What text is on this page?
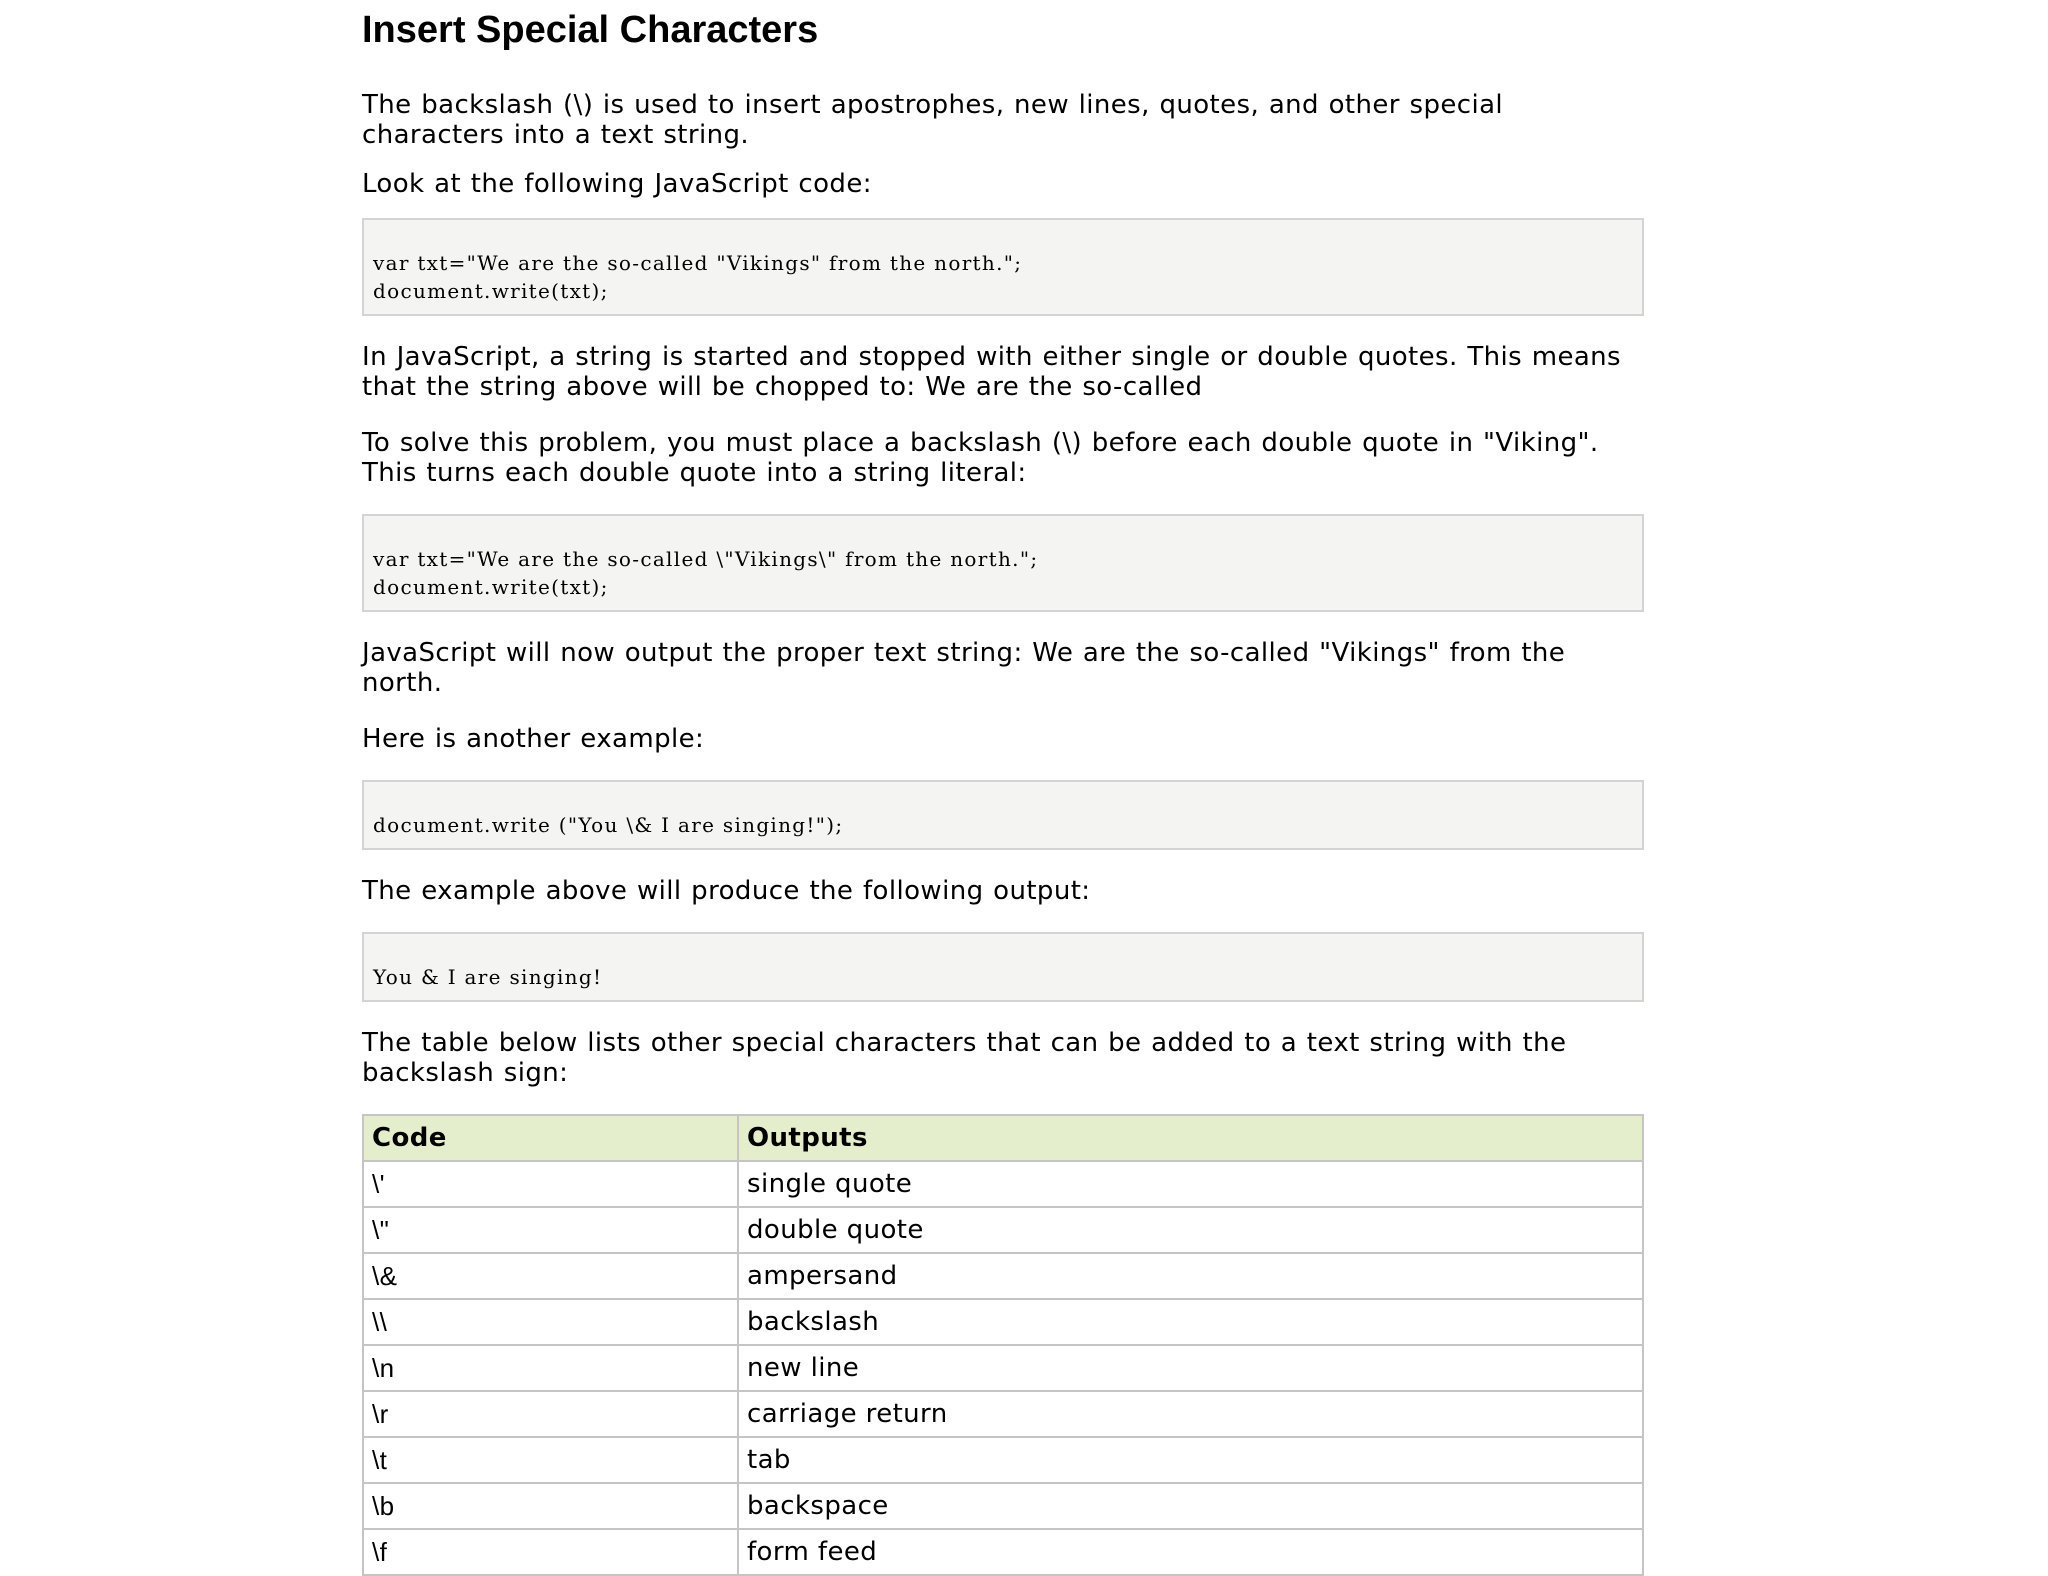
Insert Special Characters

The backslash (\) is used to insert apostrophes, new lines, quotes, and other special characters into a text string.

Look at the following JavaScript code:

var txt="We are the so-called "Vikings" from the north.";
document.write(txt);

In JavaScript, a string is started and stopped with either single or double quotes. This means that the string above will be chopped to: We are the so-called

To solve this problem, you must place a backslash (\) before each double quote in "Viking". This turns each double quote into a string literal:

var txt="We are the so-called \"Vikings\" from the north.";
document.write(txt);

JavaScript will now output the proper text string: We are the so-called "Vikings" from the north.

Here is another example:

document.write ("You \& I are singing!");

The example above will produce the following output:

You & I are singing!

The table below lists other special characters that can be added to a text string with the backslash sign:

Code	Outputs
\'	single quote
\"	double quote
\&	ampersand
\\	backslash
\n	new line
\r	carriage return
\t	tab
\b	backspace
\f	form feed
